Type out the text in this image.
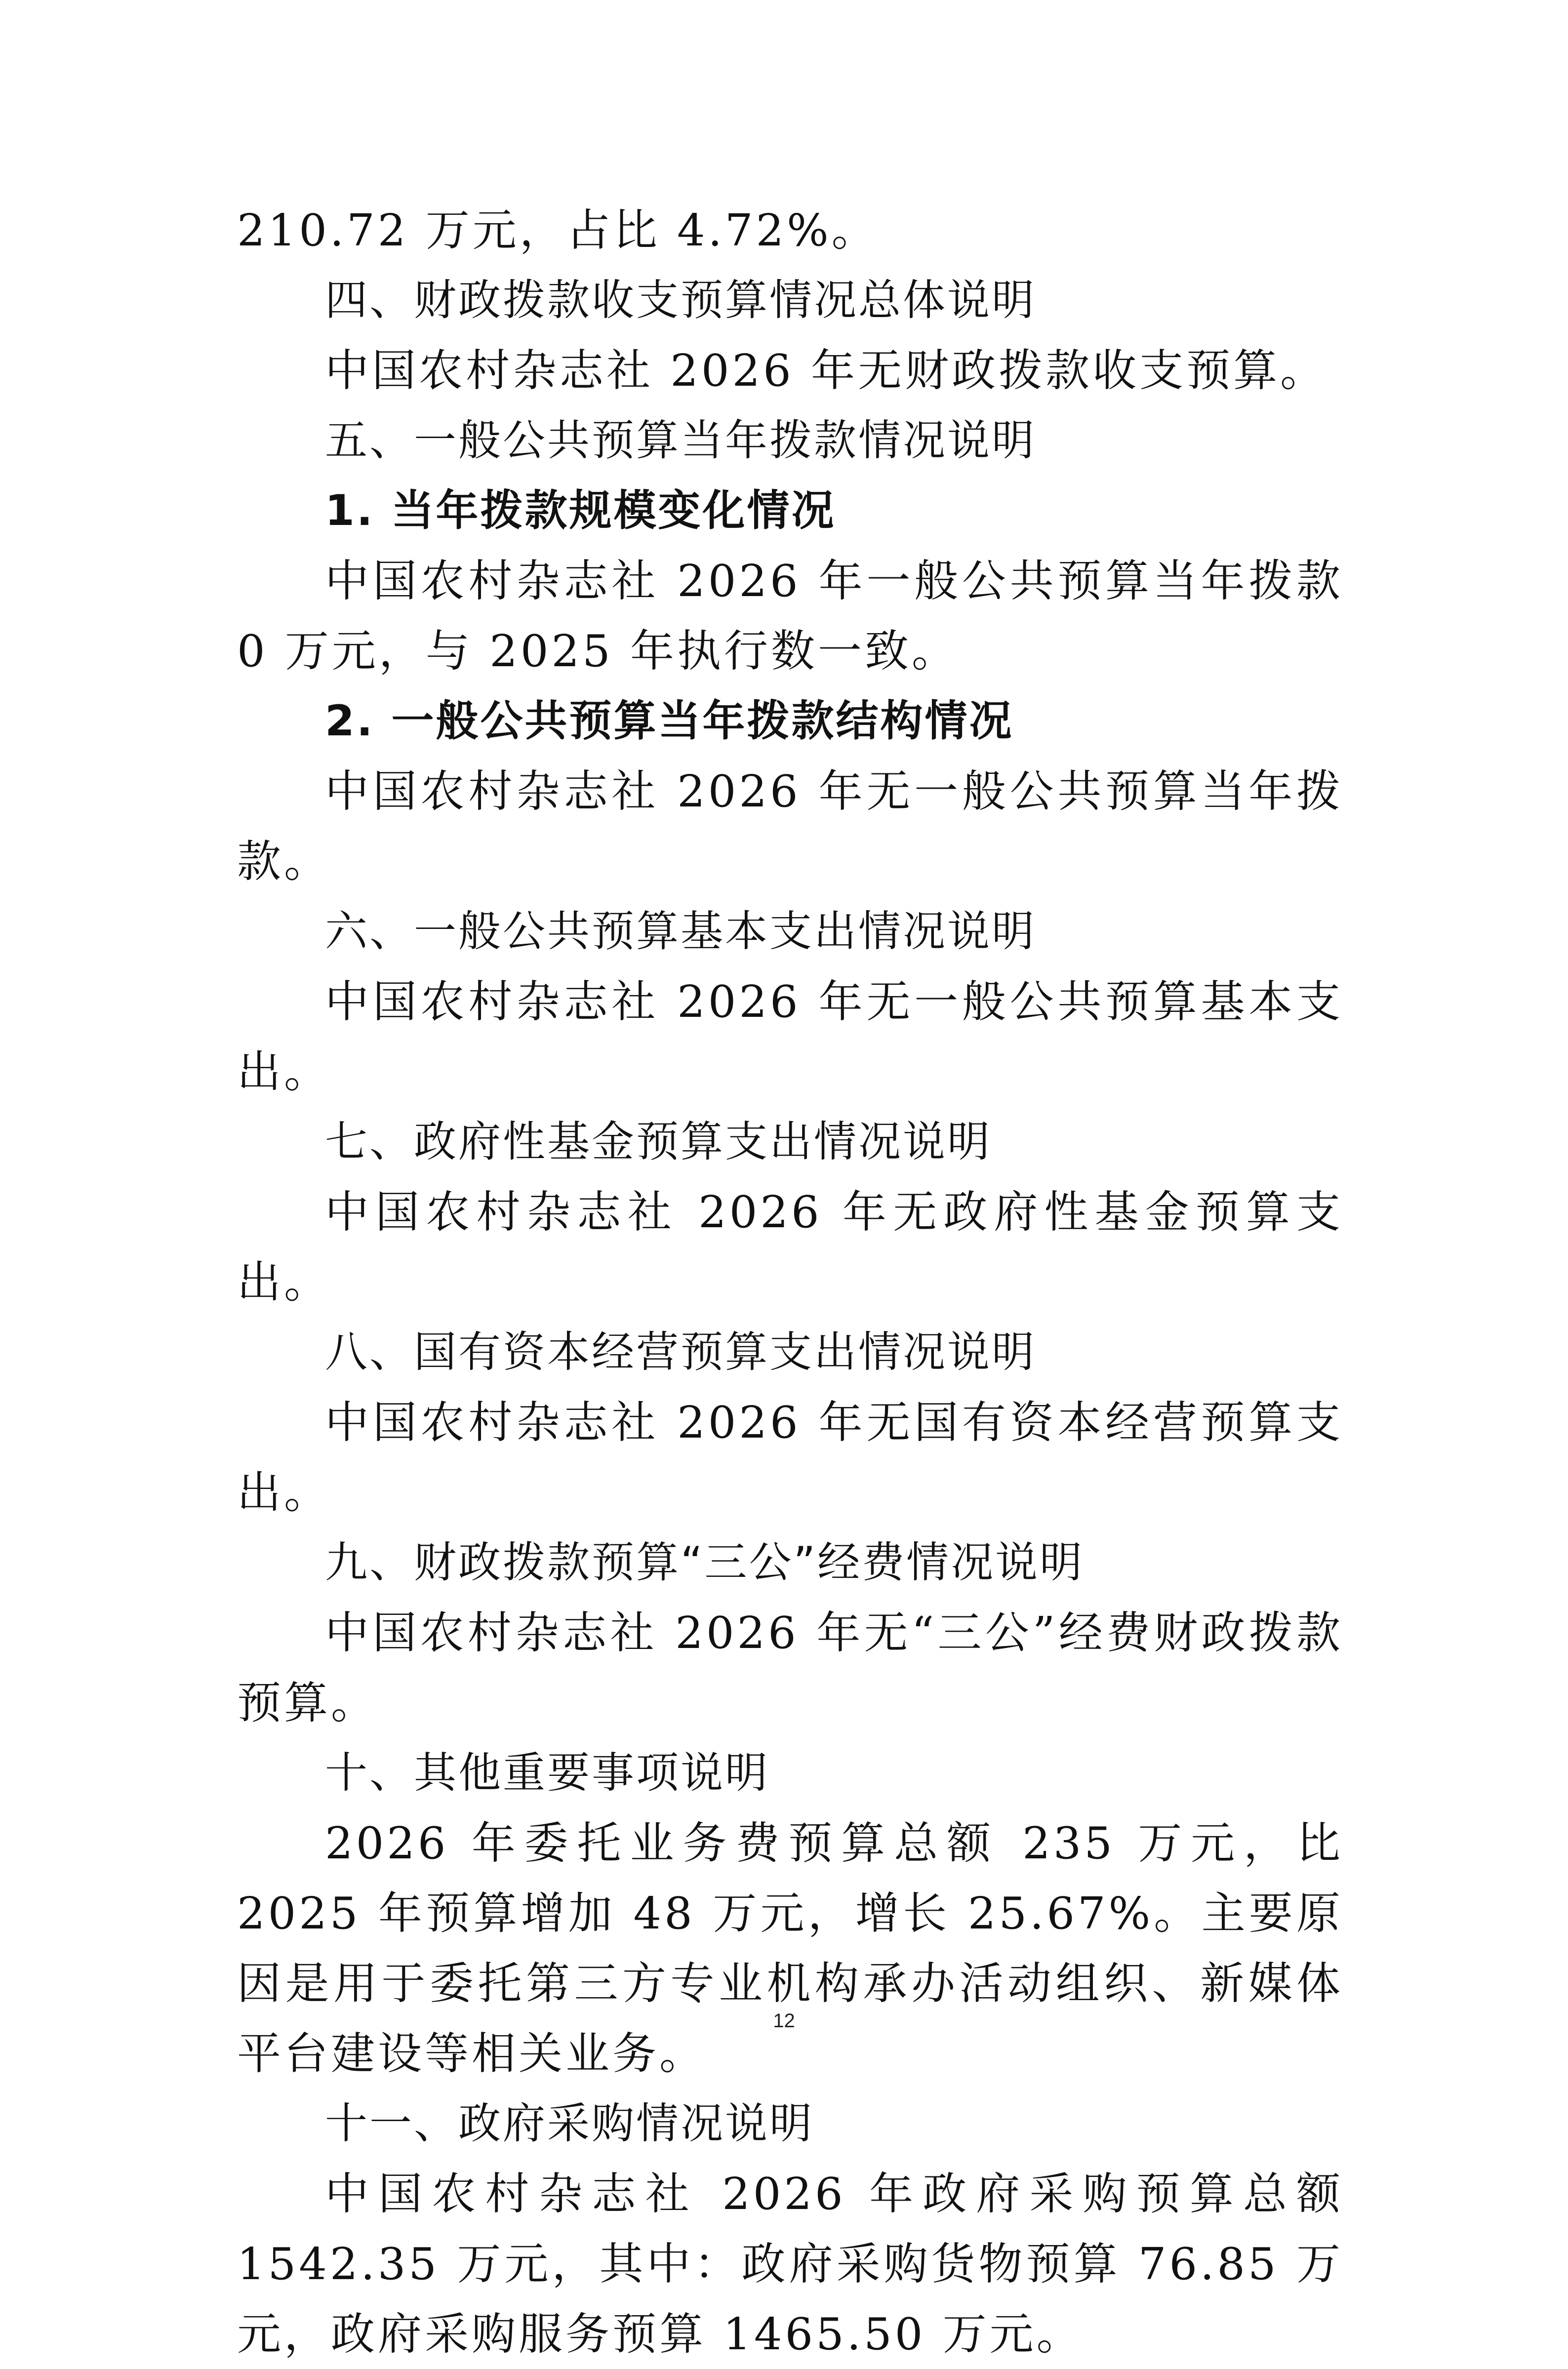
210.72 万元，占比 4.72%。

四、财政拨款收支预算情况总体说明

中国农村杂志社 2026 年无财政拨款收支预算。

五、一般公共预算当年拨款情况说明

1. 当年拨款规模变化情况

中国农村杂志社 2026 年一般公共预算当年拨款 0 万元，与 2025 年执行数一致。

2. 一般公共预算当年拨款结构情况

中国农村杂志社 2026 年无一般公共预算当年拨款。

六、一般公共预算基本支出情况说明

中国农村杂志社 2026 年无一般公共预算基本支出。

七、政府性基金预算支出情况说明

中国农村杂志社 2026 年无政府性基金预算支出。

八、国有资本经营预算支出情况说明

中国农村杂志社 2026 年无国有资本经营预算支出。

九、财政拨款预算“三公”经费情况说明

中国农村杂志社 2026 年无“三公”经费财政拨款预算。

十、其他重要事项说明

2026 年委托业务费预算总额 235 万元，比 2025 年预算增加 48 万元，增长 25.67%。主要原因是用于委托第三方专业机构承办活动组织、新媒体平台建设等相关业务。

十一、政府采购情况说明

中国农村杂志社 2026 年政府采购预算总额 1542.35 万元，其中：政府采购货物预算 76.85 万元，政府采购服务预算 1465.50 万元。

12
